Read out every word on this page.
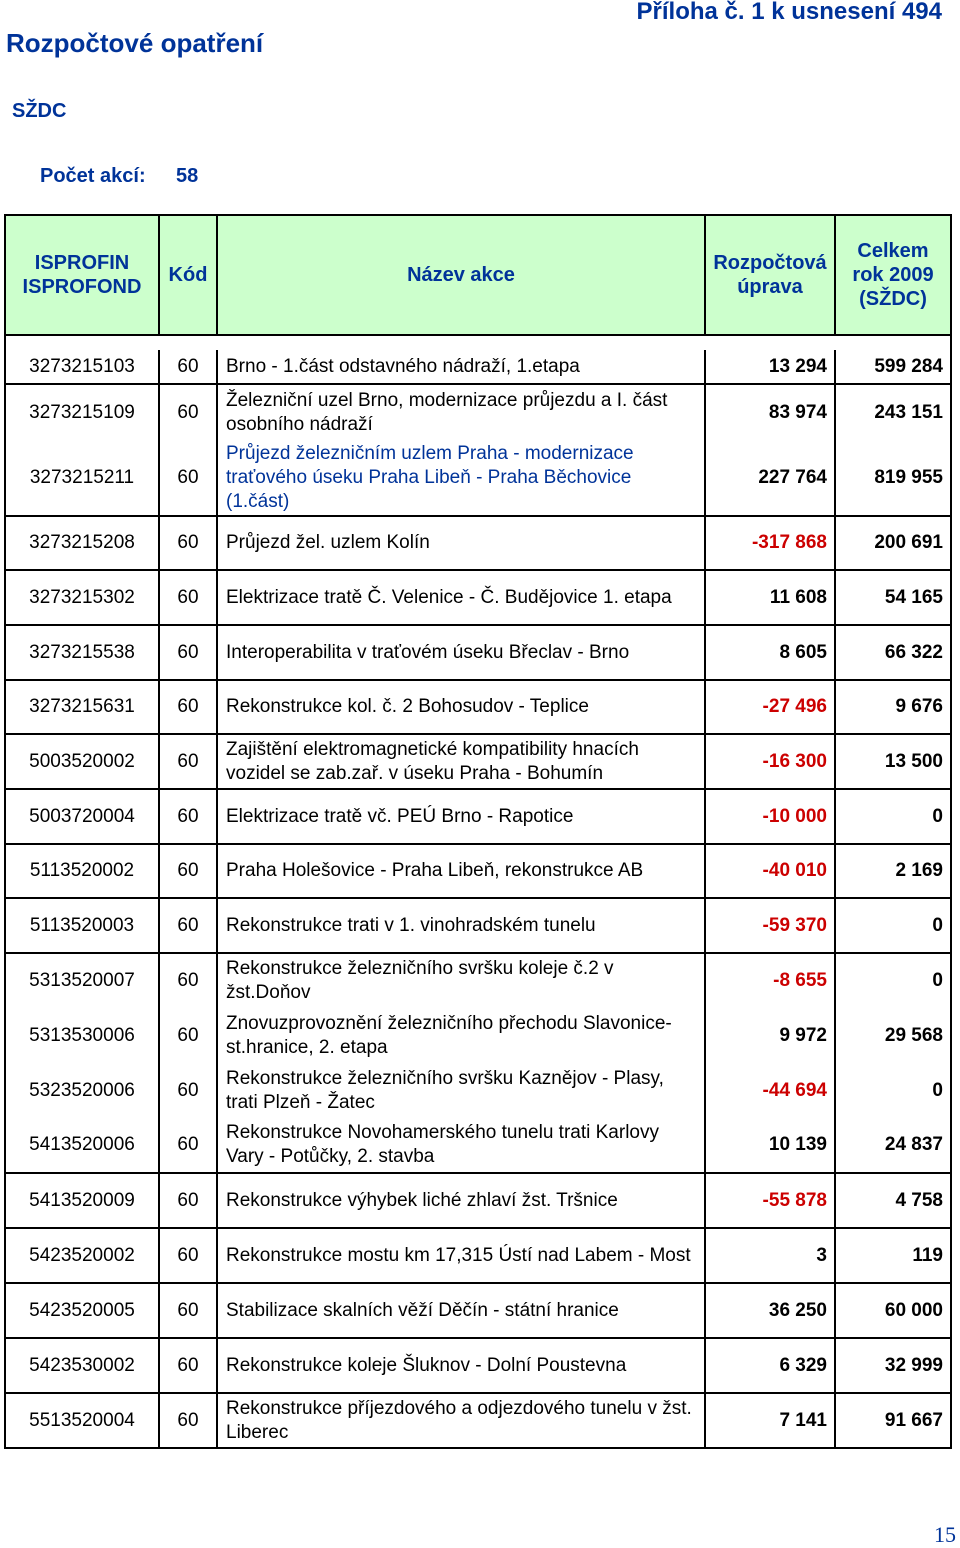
Rozpočtové opatření
Příloha č. 1 k usnesení 494
SŽDC
Počet akcí: 58
ISPROFIN ISPROFOND	Kód	Název akce	Rozpočtová úprava	Celkem rok 2009 (SŽDC)

3273215103	60	Brno - 1.část odstavného nádraží, 1.etapa	13 294	599 284
3273215109	60	Železniční uzel Brno, modernizace průjezdu a I. část osobního nádraží	83 974	243 151
3273215211	60	Průjezd železničním uzlem Praha - modernizace traťového úseku Praha Libeň - Praha Běchovice (1.část)	227 764	819 955
3273215208	60	Průjezd žel. uzlem Kolín	-317 868	200 691
3273215302	60	Elektrizace tratě Č. Velenice - Č. Budějovice 1. etapa	11 608	54 165
3273215538	60	Interoperabilita v traťovém úseku Břeclav - Brno	8 605	66 322
3273215631	60	Rekonstrukce kol. č. 2 Bohosudov - Teplice	-27 496	9 676
5003520002	60	Zajištění elektromagnetické kompatibility hnacích vozidel se zab.zař. v úseku Praha - Bohumín	-16 300	13 500
5003720004	60	Elektrizace tratě vč. PEÚ Brno - Rapotice	-10 000	0
5113520002	60	Praha Holešovice - Praha Libeň, rekonstrukce AB	-40 010	2 169
5113520003	60	Rekonstrukce trati v 1. vinohradském tunelu	-59 370	0
5313520007	60	Rekonstrukce železničního svršku koleje č.2 v žst.Doňov	-8 655	0
5313530006	60	Znovuzprovoznění železničního přechodu Slavonice-st.hranice, 2. etapa	9 972	29 568
5323520006	60	Rekonstrukce železničního svršku Kaznějov - Plasy, trati Plzeň - Žatec	-44 694	0
5413520006	60	Rekonstrukce Novohamerského tunelu trati Karlovy Vary - Potůčky, 2. stavba	10 139	24 837
5413520009	60	Rekonstrukce výhybek liché zhlaví žst. Tršnice	-55 878	4 758
5423520002	60	Rekonstrukce mostu km 17,315 Ústí nad Labem - Most	3	119
5423520005	60	Stabilizace skalních věží Děčín - státní hranice	36 250	60 000
5423530002	60	Rekonstrukce koleje Šluknov - Dolní Poustevna	6 329	32 999
5513520004	60	Rekonstrukce příjezdového a odjezdového tunelu v žst. Liberec	7 141	91 667
15
